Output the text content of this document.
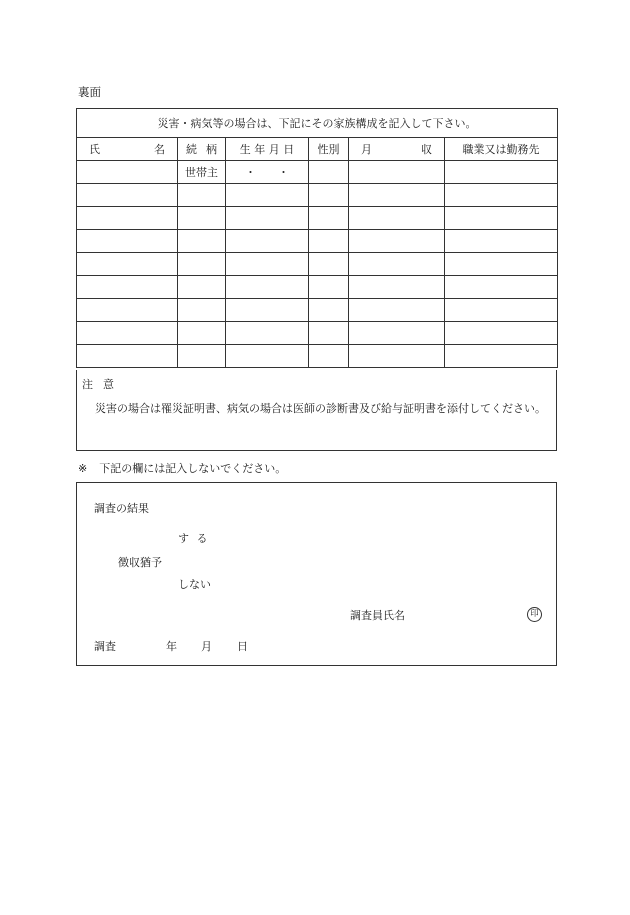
裏面
災害・病気等の場合は、下記にその家族構成を記入して下さい。					

氏 名	続 柄	生 年 月 日	性別	月 収	職業又は勤務先
	世帯主	・ ・			

注意
災害の場合は罹災証明書、病気の場合は医師の診断書及び給与証明書を添付してください。
※ 下記の欄には記入しないでください。
調査の結果
す る
徴収猶予
しない
調査員氏名	印
調査	年 月 日
